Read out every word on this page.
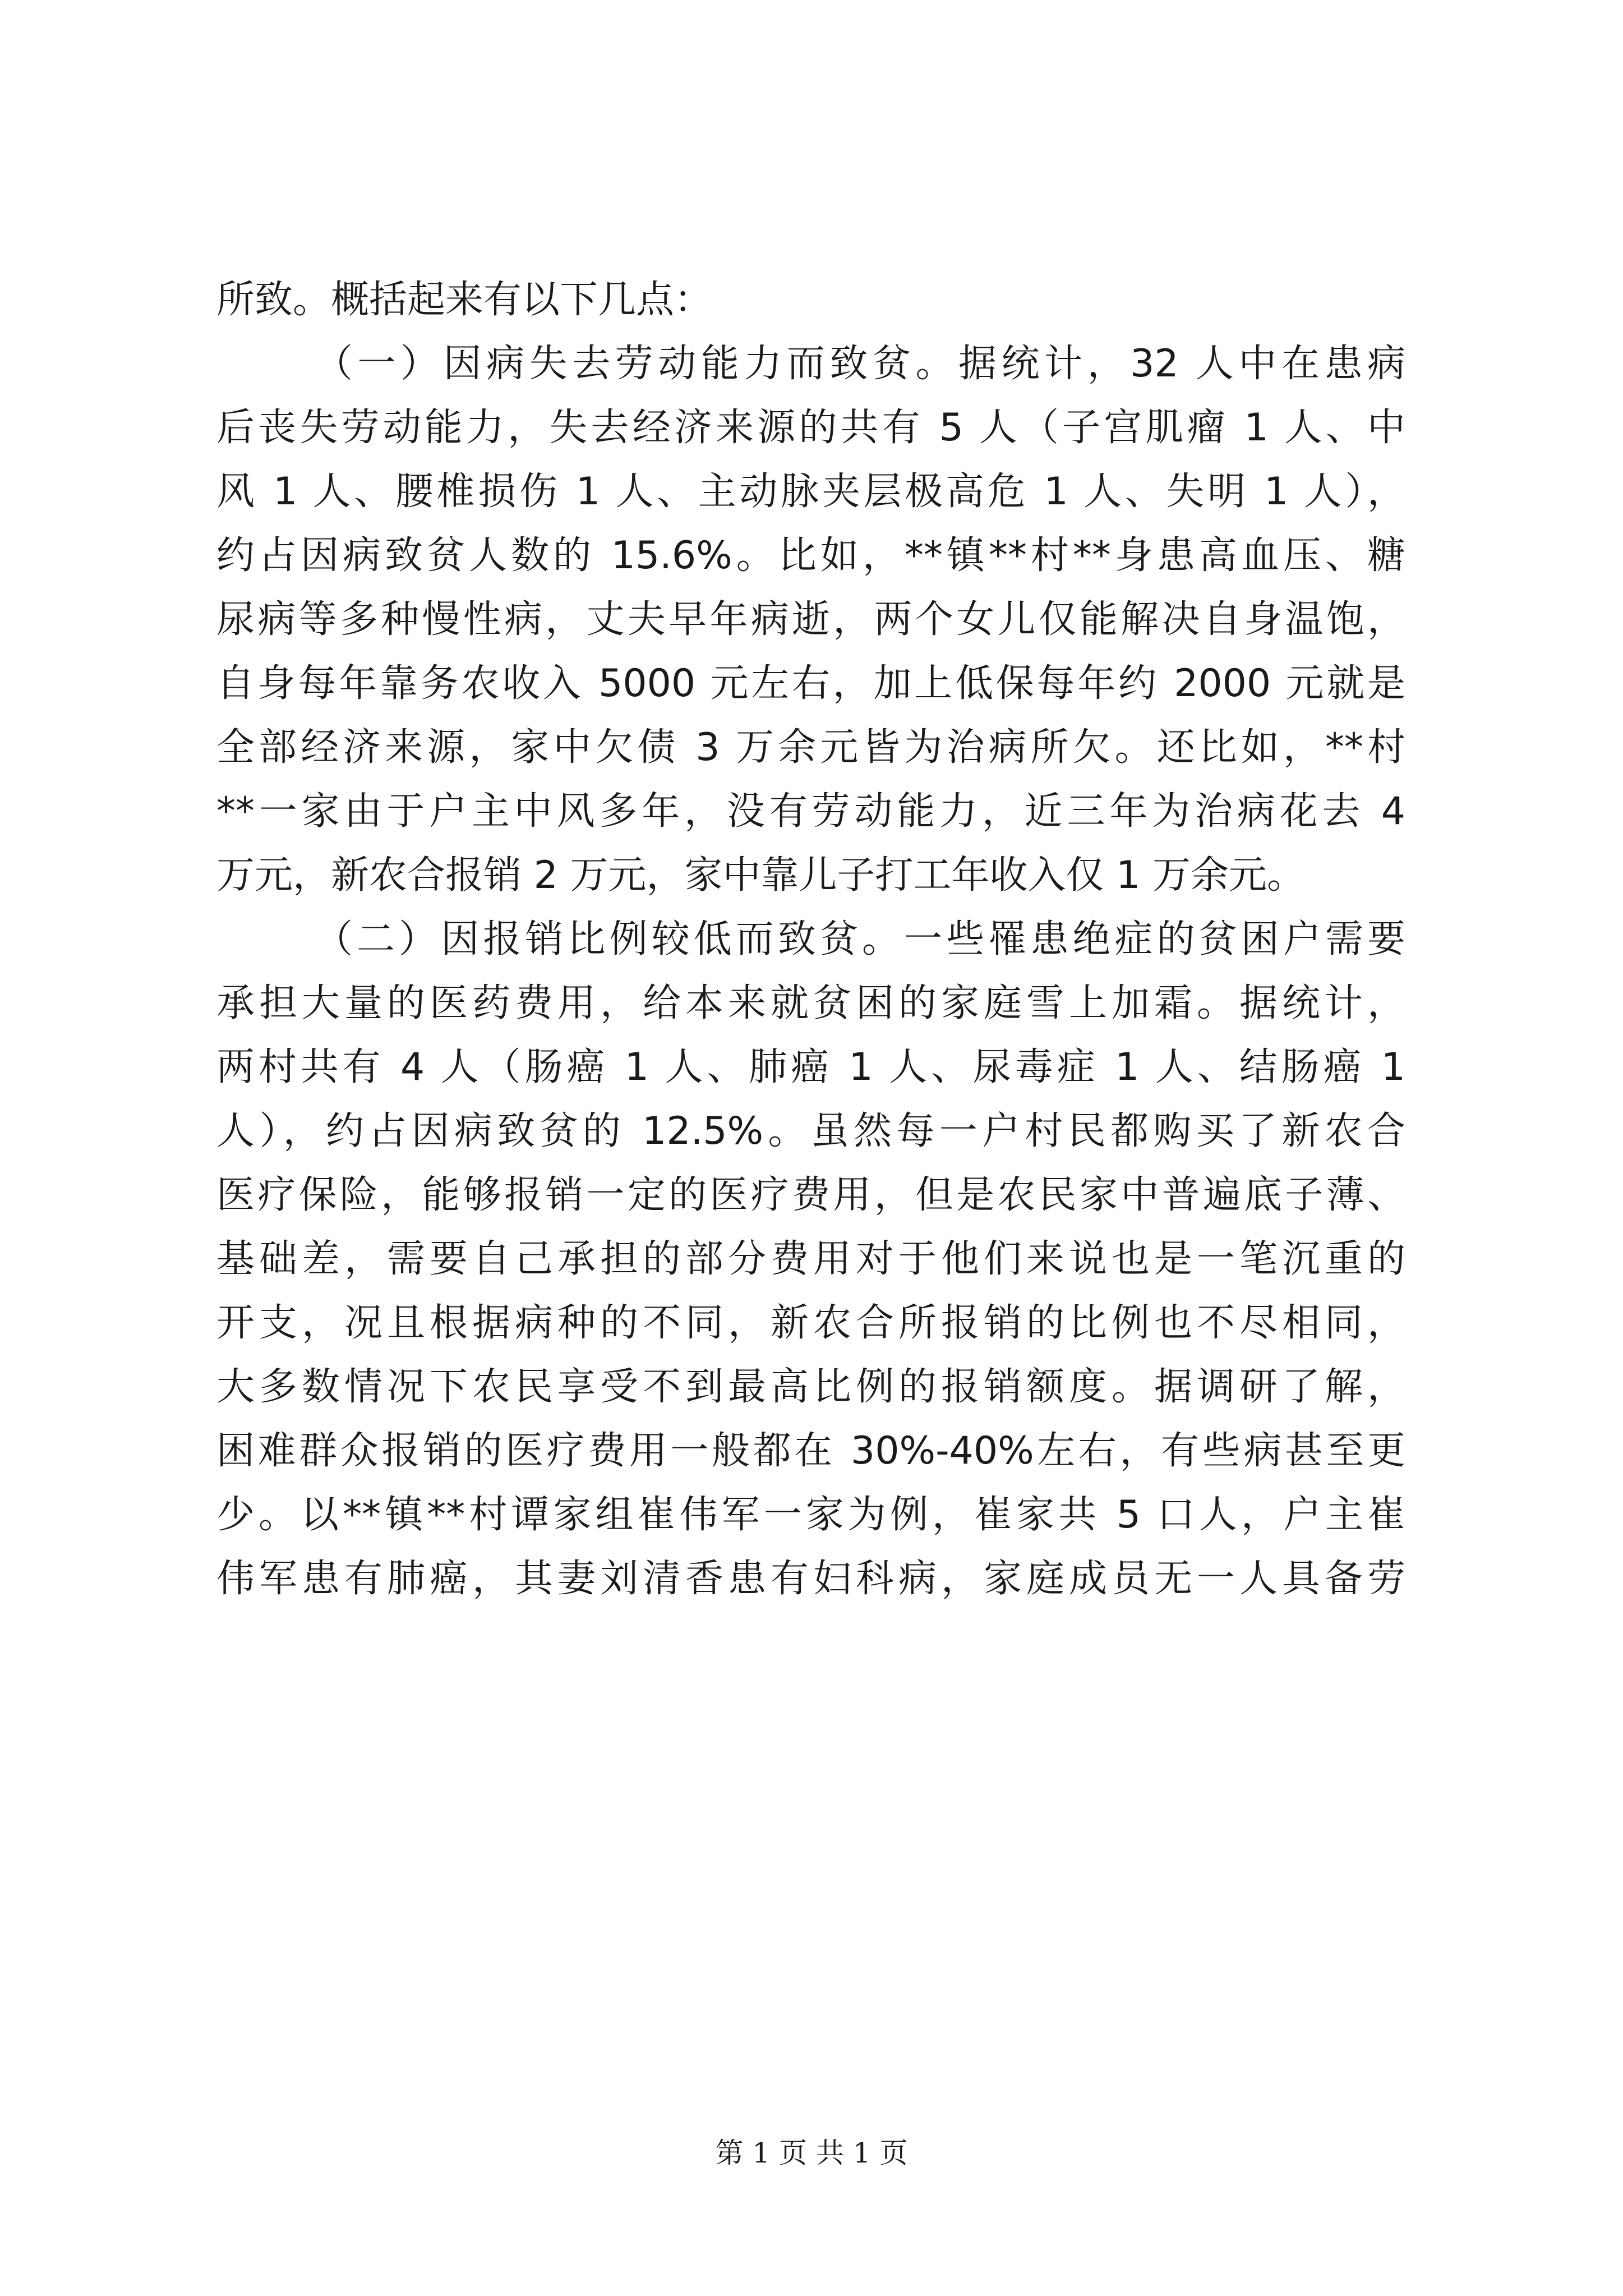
所致。概括起来有以下几点：
（一）因病失去劳动能力而致贫。据统计，32 人中在患病
后丧失劳动能力，失去经济来源的共有 5 人（子宫肌瘤 1 人、中
风 1 人、腰椎损伤 1 人、主动脉夹层极高危 1 人、失明 1 人），
约占因病致贫人数的 15.6%。比如，**镇**村**身患高血压、糖
尿病等多种慢性病，丈夫早年病逝，两个女儿仅能解决自身温饱，
自身每年靠务农收入 5000 元左右，加上低保每年约 2000 元就是
全部经济来源，家中欠债 3 万余元皆为治病所欠。还比如，**村
**一家由于户主中风多年，没有劳动能力，近三年为治病花去 4
万元，新农合报销 2 万元，家中靠儿子打工年收入仅 1 万余元。
（二）因报销比例较低而致贫。一些罹患绝症的贫困户需要
承担大量的医药费用，给本来就贫困的家庭雪上加霜。据统计，
两村共有 4 人（肠癌 1 人、肺癌 1 人、尿毒症 1 人、结肠癌 1
人），约占因病致贫的 12.5%。虽然每一户村民都购买了新农合
医疗保险，能够报销一定的医疗费用，但是农民家中普遍底子薄、
基础差，需要自己承担的部分费用对于他们来说也是一笔沉重的
开支，况且根据病种的不同，新农合所报销的比例也不尽相同，
大多数情况下农民享受不到最高比例的报销额度。据调研了解，
困难群众报销的医疗费用一般都在 30%-40%左右，有些病甚至更
少。以**镇**村谭家组崔伟军一家为例，崔家共 5 口人，户主崔
伟军患有肺癌，其妻刘清香患有妇科病，家庭成员无一人具备劳
第 1 页 共 1 页
